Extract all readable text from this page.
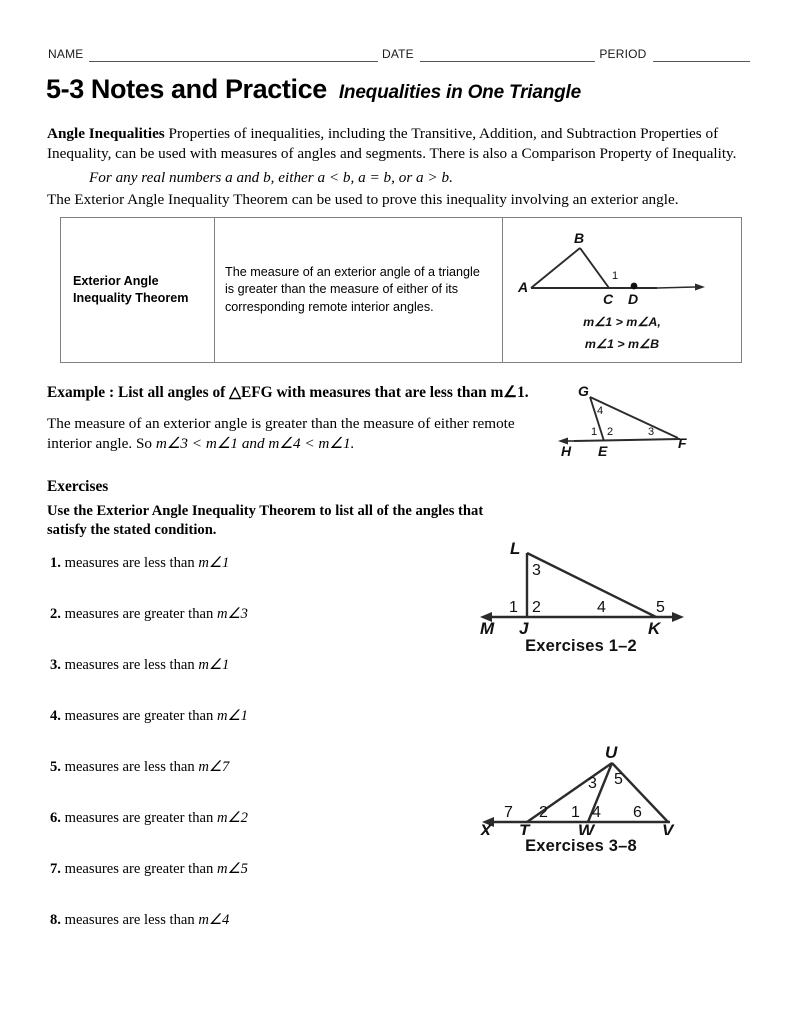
NAME	DATE	PERIOD
5-3 Notes and Practice Inequalities in One Triangle
Angle Inequalities Properties of inequalities, including the Transitive, Addition, and Subtraction Properties of Inequality, can be used with measures of angles and segments. There is also a Comparison Property of Inequality.
For any real numbers a and b, either a < b, a = b, or a > b.
The Exterior Angle Inequality Theorem can be used to prove this inequality involving an exterior angle.
Exterior Angle Inequality Theorem
The measure of an exterior angle of a triangle is greater than the measure of either of its corresponding remote interior angles.
A
B
C D
1
m∠1 > m∠A,
m∠1 > m∠B
Example : List all angles of △EFG with measures that are less than m∠1.
The measure of an exterior angle is greater than the measure of either remote interior angle. So m∠3 < m∠1 and m∠4 < m∠1.
G
E	F
H
1 2	3
4
Exercises
Use the Exterior Angle Inequality Theorem to list all of the angles that satisfy the stated condition.
1. measures are less than m∠1
2. measures are greater than m∠3
3. measures are less than m∠1
4. measures are greater than m∠1
5. measures are less than m∠7
6. measures are greater than m∠2
7. measures are greater than m∠5
8. measures are less than m∠4
L
M J	K
1 2
3
4	5
Exercises 1–2
U
X T	W	V
7 2 1 4 6
3 5
Exercises 3–8
